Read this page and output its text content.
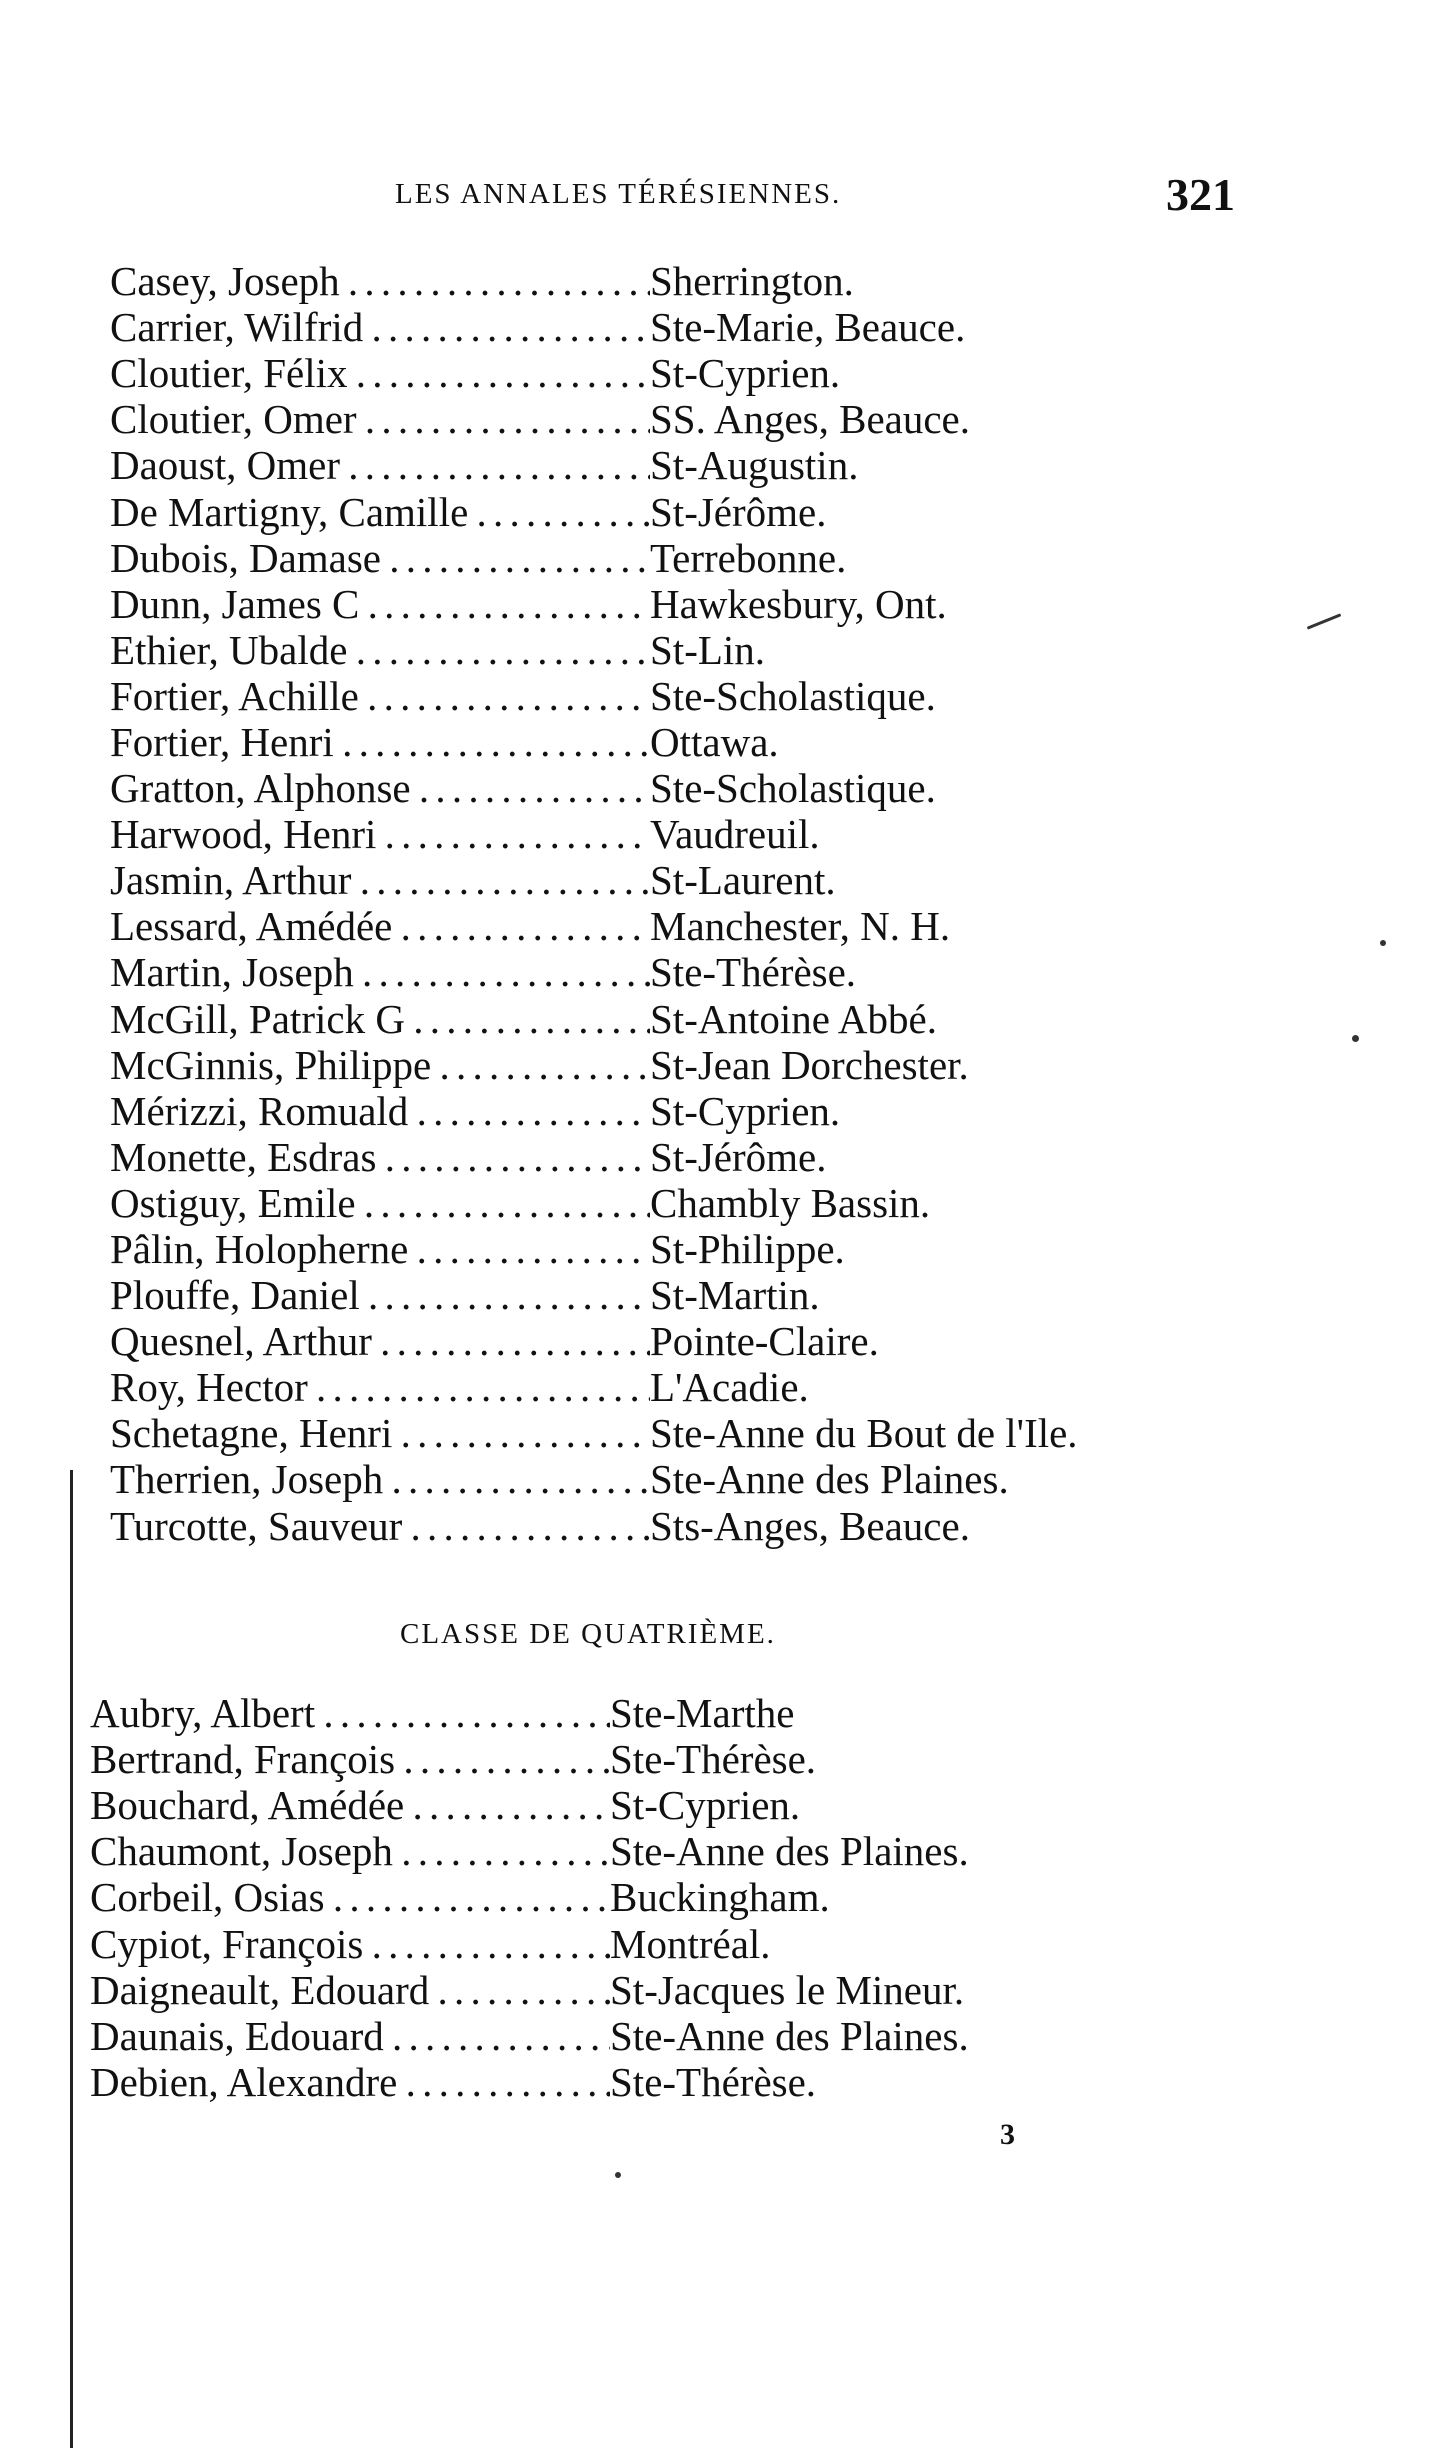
LES ANNALES TÉRÉSIENNES.	321
Casey, Joseph . . .	Sherrington.
Carrier, Wilfrid . . .	Ste-Marie, Beauce.
Cloutier, Félix . . .	St-Cyprien.
Cloutier, Omer . . .	SS. Anges, Beauce.
Daoust, Omer . . .	St-Augustin.
De Martigny, Camille . . .	St-Jérôme.
Dubois, Damase . . .	Terrebonne.
Dunn, James C . . .	Hawkesbury, Ont.
Ethier, Ubalde . . .	St-Lin.
Fortier, Achille . . .	Ste-Scholastique.
Fortier, Henri . . .	Ottawa.
Gratton, Alphonse . . .	Ste-Scholastique.
Harwood, Henri . . .	Vaudreuil.
Jasmin, Arthur . . .	St-Laurent.
Lessard, Amédée . . .	Manchester, N. H.
Martin, Joseph . . .	Ste-Thérèse.
McGill, Patrick G . . .	St-Antoine Abbé.
McGinnis, Philippe . . .	St-Jean Dorchester.
Mérizzi, Romuald . . .	St-Cyprien.
Monette, Esdras . . .	St-Jérôme.
Ostiguy, Emile . . .	Chambly Bassin.
Pâlin, Holopherne . . .	St-Philippe.
Plouffe, Daniel . . .	St-Martin.
Quesnel, Arthur . . .	Pointe-Claire.
Roy, Hector . . .	L'Acadie.
Schetagne, Henri . . .	Ste-Anne du Bout de l'Ile.
Therrien, Joseph . . .	Ste-Anne des Plaines.
Turcotte, Sauveur . . .	Sts-Anges, Beauce.
CLASSE DE QUATRIÈME.
Aubry, Albert . . .	Ste-Marthe
Bertrand, François . . .	Ste-Thérèse.
Bouchard, Amédée . . .	St-Cyprien.
Chaumont, Joseph . . .	Ste-Anne des Plaines.
Corbeil, Osias . . .	Buckingham.
Cypiot, François . . .	Montréal.
Daigneault, Edouard . . .	St-Jacques le Mineur.
Daunais, Edouard . . .	Ste-Anne des Plaines.
Debien, Alexandre . . .	Ste-Thérèse.
3
